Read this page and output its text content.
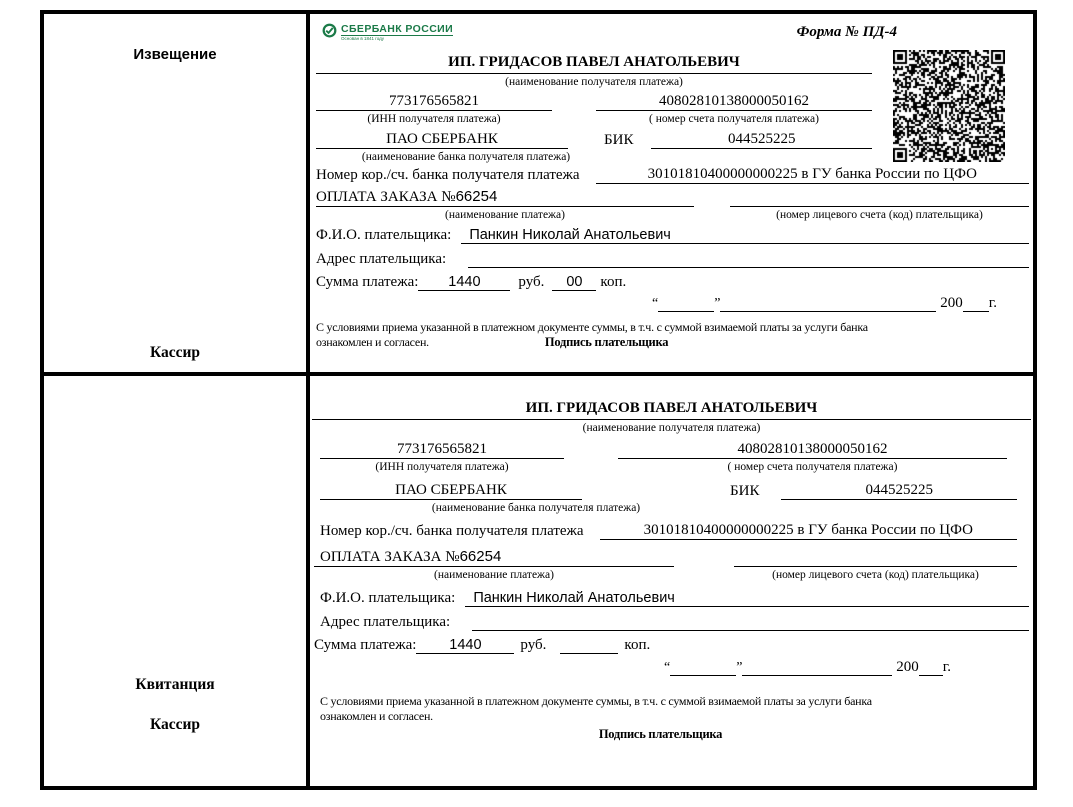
Извещение
Кассир
СБЕРБАНК РОССИИ
Основан в 1841 году	Форма № ПД-4
ИП. ГРИДАСОВ ПАВЕЛ АНАТОЛЬЕВИЧ
(наименование получателя платежа)
773176565821	40802810138000050162
(ИНН получателя платежа)	( номер счета получателя платежа)
ПАО СБЕРБАНК	БИК	044525225
(наименование банка получателя платежа)
Номер кор./сч. банка получателя платежа	30101810400000000225 в ГУ банка России по ЦФО
ОПЛАТА ЗАКАЗА №66254
(наименование платежа)	(номер лицевого счета (код) плательщика)
Ф.И.О. плательщика:	Панкин Николай Анатольевич
Адрес плательщика:
Сумма платежа:	1440	руб.	00	коп.
“	”	200 г.
С условиями приема указанной в платежном документе суммы, в т.ч. с суммой взимаемой платы за услуги банка
ознакомлен и согласен.	Подпись плательщика
Квитанция
Кассир
ИП. ГРИДАСОВ ПАВЕЛ АНАТОЛЬЕВИЧ
(наименование получателя платежа)
773176565821	40802810138000050162
(ИНН получателя платежа)	( номер счета получателя платежа)
ПАО СБЕРБАНК	БИК	044525225
(наименование банка получателя платежа)
Номер кор./сч. банка получателя платежа	30101810400000000225 в ГУ банка России по ЦФО
ОПЛАТА ЗАКАЗА №66254
(наименование платежа)	(номер лицевого счета (код) плательщика)
Ф.И.О. плательщика:	Панкин Николай Анатольевич
Адрес плательщика:
Сумма платежа:	1440	руб.	коп.
“	”	200 г.
С условиями приема указанной в платежном документе суммы, в т.ч. с суммой взимаемой платы за услуги банка
ознакомлен и согласен.
Подпись плательщика
